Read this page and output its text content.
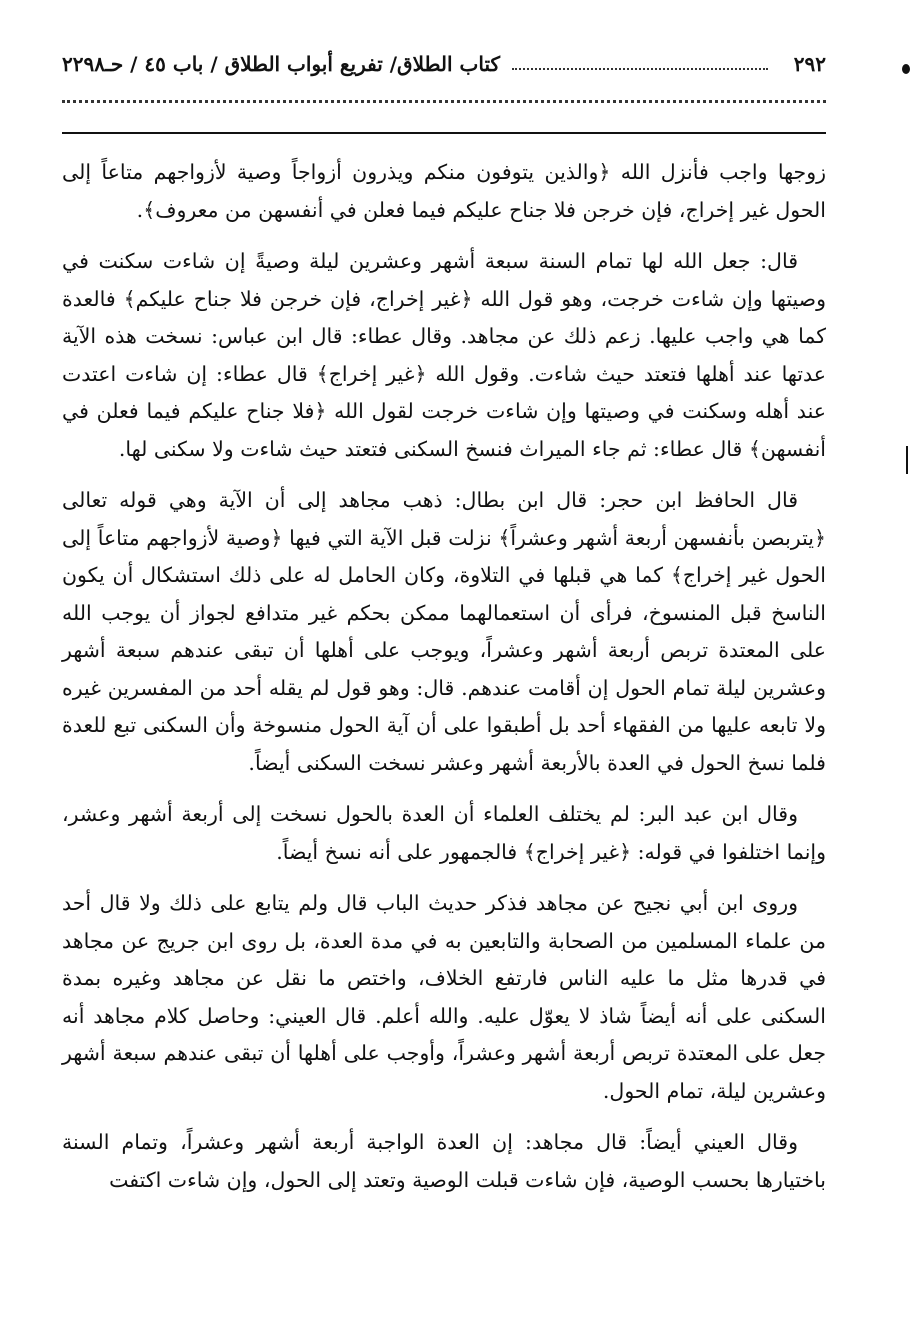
٢٩٢
كتاب الطلاق/ تفريع أبواب الطلاق / باب ٤٥ / حـ٢٢٩٨

زوجها واجب فأنزل الله ﴿والذين يتوفون منكم ويذرون أزواجاً وصية لأزواجهم متاعاً إلى الحول غير إخراج، فإن خرجن فلا جناح عليكم فيما فعلن في أنفسهن من معروف﴾.

قال: جعل الله لها تمام السنة سبعة أشهر وعشرين ليلة وصيةً إن شاءت سكنت في وصيتها وإن شاءت خرجت، وهو قول الله ﴿غير إخراج، فإن خرجن فلا جناح عليكم﴾ فالعدة كما هي واجب عليها. زعم ذلك عن مجاهد. وقال عطاء: قال ابن عباس: نسخت هذه الآية عدتها عند أهلها فتعتد حيث شاءت. وقول الله ﴿غير إخراج﴾ قال عطاء: إن شاءت اعتدت عند أهله وسكنت في وصيتها وإن شاءت خرجت لقول الله ﴿فلا جناح عليكم فيما فعلن في أنفسهن﴾ قال عطاء: ثم جاء الميراث فنسخ السكنى فتعتد حيث شاءت ولا سكنى لها.

قال الحافظ ابن حجر: قال ابن بطال: ذهب مجاهد إلى أن الآية وهي قوله تعالى ﴿يتربصن بأنفسهن أربعة أشهر وعشراً﴾ نزلت قبل الآية التي فيها ﴿وصية لأزواجهم متاعاً إلى الحول غير إخراج﴾ كما هي قبلها في التلاوة، وكان الحامل له على ذلك استشكال أن يكون الناسخ قبل المنسوخ، فرأى أن استعمالهما ممكن بحكم غير متدافع لجواز أن يوجب الله على المعتدة تربص أربعة أشهر وعشراً، ويوجب على أهلها أن تبقى عندهم سبعة أشهر وعشرين ليلة تمام الحول إن أقامت عندهم. قال: وهو قول لم يقله أحد من المفسرين غيره ولا تابعه عليها من الفقهاء أحد بل أطبقوا على أن آية الحول منسوخة وأن السكنى تبع للعدة فلما نسخ الحول في العدة بالأربعة أشهر وعشر نسخت السكنى أيضاً.

وقال ابن عبد البر: لم يختلف العلماء أن العدة بالحول نسخت إلى أربعة أشهر وعشر، وإنما اختلفوا في قوله: ﴿غير إخراج﴾ فالجمهور على أنه نسخ أيضاً.

وروى ابن أبي نجيح عن مجاهد فذكر حديث الباب قال ولم يتابع على ذلك ولا قال أحد من علماء المسلمين من الصحابة والتابعين به في مدة العدة، بل روى ابن جريج عن مجاهد في قدرها مثل ما عليه الناس فارتفع الخلاف، واختص ما نقل عن مجاهد وغيره بمدة السكنى على أنه أيضاً شاذ لا يعوّل عليه. والله أعلم. قال العيني: وحاصل كلام مجاهد أنه جعل على المعتدة تربص أربعة أشهر وعشراً، وأوجب على أهلها أن تبقى عندهم سبعة أشهر وعشرين ليلة، تمام الحول.

وقال العيني أيضاً: قال مجاهد: إن العدة الواجبة أربعة أشهر وعشراً، وتمام السنة باختيارها بحسب الوصية، فإن شاءت قبلت الوصية وتعتد إلى الحول، وإن شاءت اكتفت
